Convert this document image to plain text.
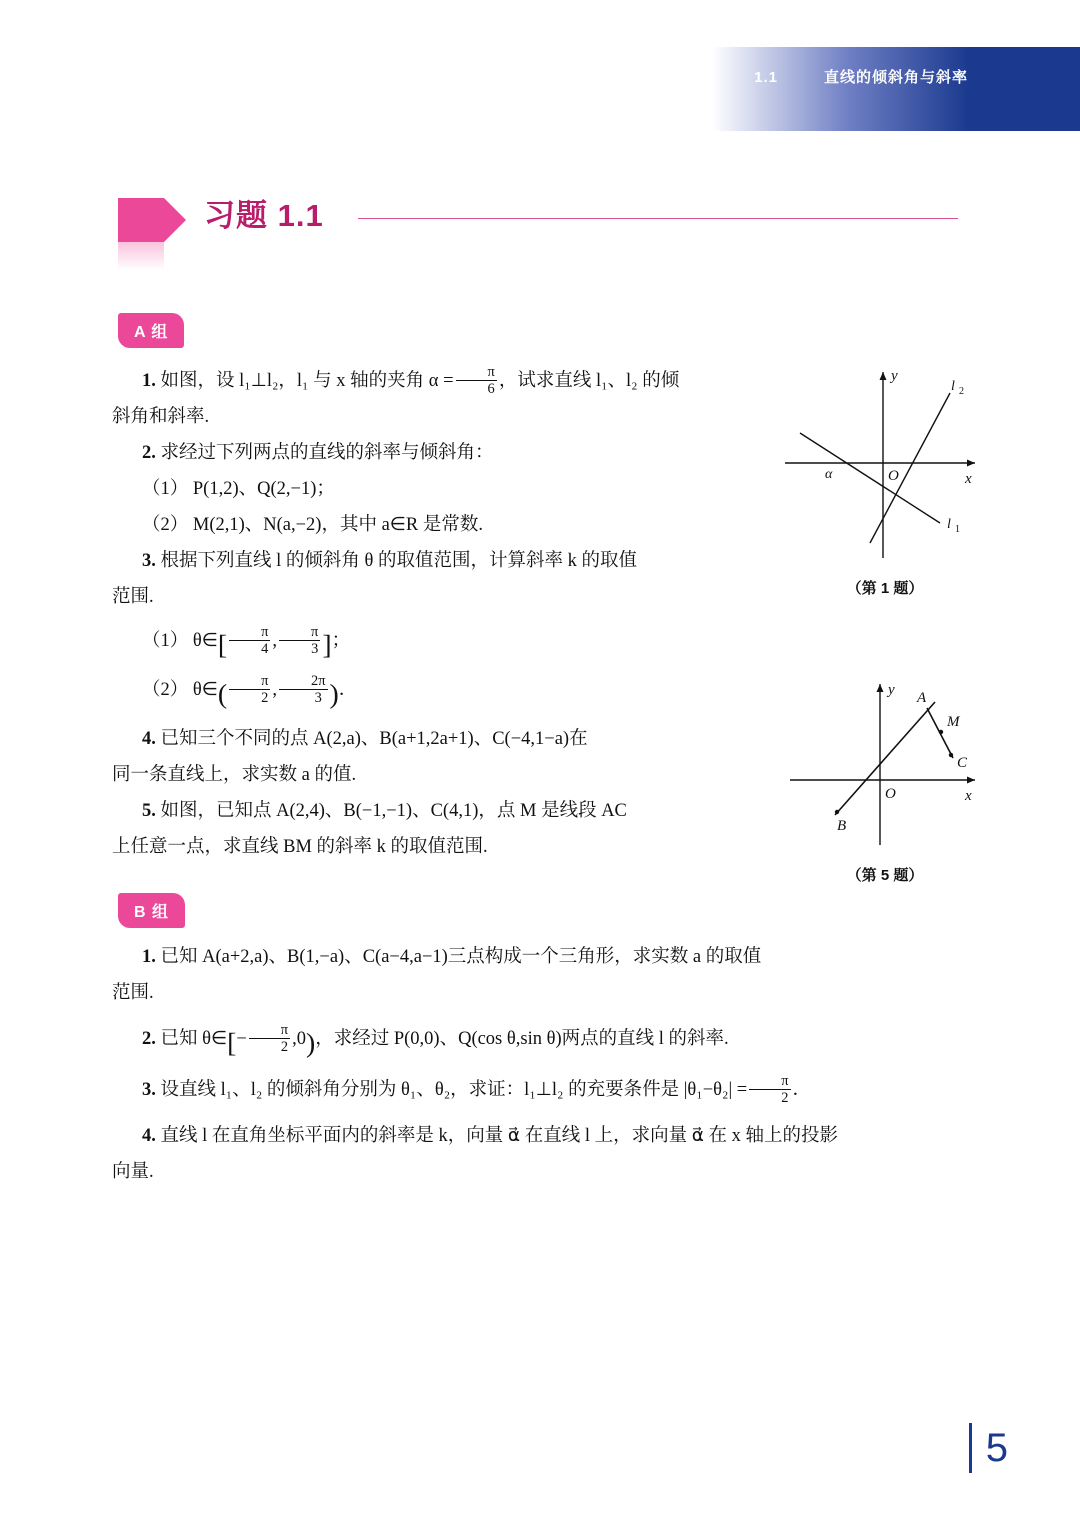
1.1	直线的倾斜角与斜率
习题 1.1
A 组

1. 如图，设 l₁⊥l₂，l₁ 与 x 轴的夹角 $\alpha = \frac{\pi}{6}$ ，试求直线 l₁、l₂ 的倾

斜角和斜率.

2. 求经过下列两点的直线的斜率与倾斜角：

（1） P(1,2)、Q(2,−1)；

（2） M(2,1)、N(a,−2)，其中 a∈R 是常数.

3. 根据下列直线 l 的倾斜角 θ 的取值范围，计算斜率 k 的取值

范围.

（1） θ∈[ $\frac{\pi}{4}$ , $\frac{\pi}{3}$ ]；

（2） θ∈( $\frac{\pi}{2}$ , $\frac{2\pi}{3}$ )．

4. 已知三个不同的点 A(2,a)、B(a+1,2a+1)、C(−4,1−a)在

同一条直线上，求实数 a 的值.

5. 如图，已知点 A(2,4)、B(−1,−1)、C(4,1)，点 M 是线段 AC

上任意一点，求直线 BM 的斜率 k 的取值范围.

x
y
O
α
l 1
l 2
（第 1 题）
A
M
C
B
O	x
y
（第 5 题）
B 组

1. 已知 A(a+2,a)、B(1,−a)、C(a−4,a−1)三点构成一个三角形，求实数 a 的取值

范围.

2. 已知 θ∈[− $\frac{\pi}{2} ,0$)，求经过 P(0,0)、Q(cos θ,sin θ)两点的直线 l 的斜率.

3. 设直线 l₁、l₂ 的倾斜角分别为 θ₁、θ₂，求证：l₁⊥l₂ 的充要条件是 $|\theta_1-\theta_2| = \frac{\pi}{2}$ ．

4. 直线 l 在直角坐标平面内的斜率是 k，向量 α⃗ 在直线 l 上，求向量 α⃗ 在 x 轴上的投影

向量.

5
